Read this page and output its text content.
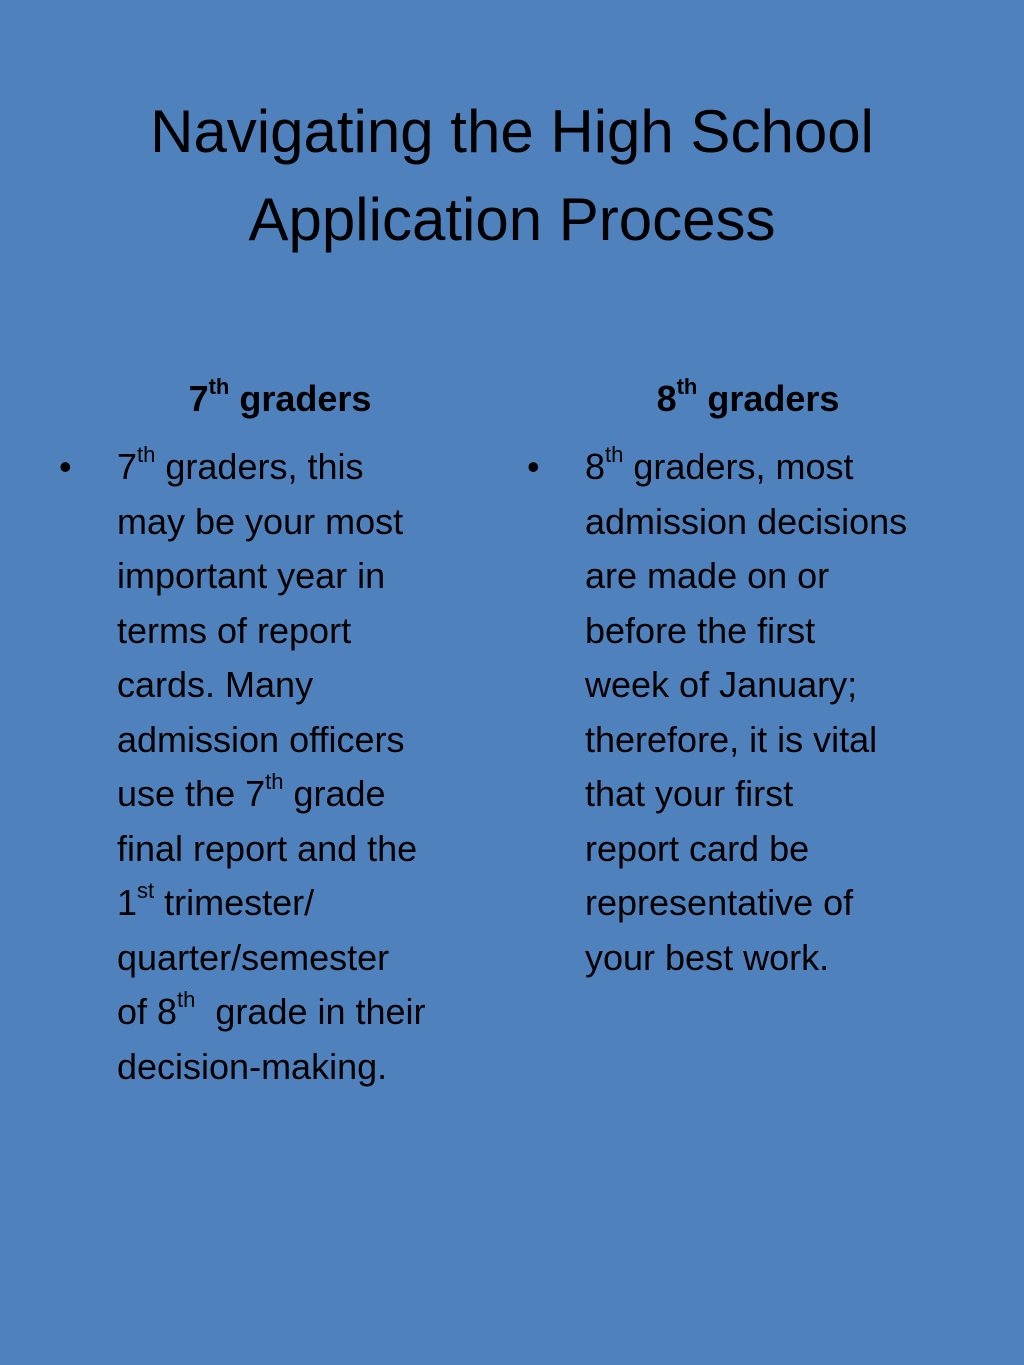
Navigating the High School
Application Process
7th graders
• 7th graders, this
may be your most
important year in
terms of report
cards. Many
admission officers
use the 7th grade
final report and the
1st trimester/
quarter/semester
of 8th  grade in their
decision-making.
8th graders
• 8th graders, most
admission decisions
are made on or
before the first
week of January;
therefore, it is vital
that your first
report card be
representative of
your best work.
